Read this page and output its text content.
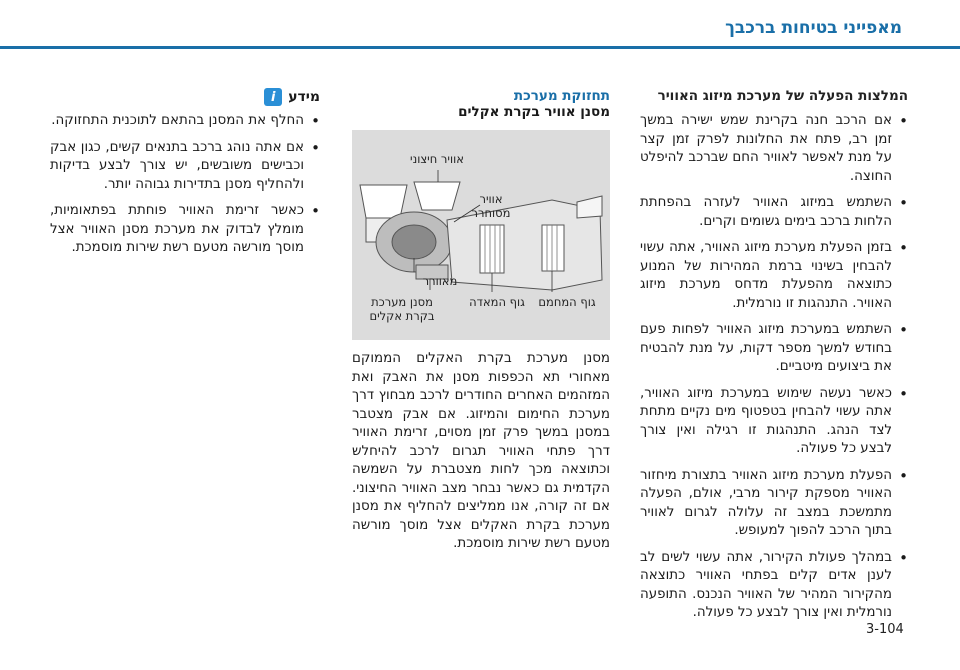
מאפייני בטיחות ברכבך
המלצות הפעלה של מערכת מיזוג האוויר
• אם הרכב חנה בקרינת שמש ישירה במשך זמן רב, פתח את החלונות לפרק זמן קצר על מנת לאפשר לאוויר החם שברכב להיפלט החוצה.
• השתמש במיזוג האוויר לעזרה בהפחתת הלחות ברכב בימים גשומים וקרים.
• בזמן הפעלת מערכת מיזוג האוויר, אתה עשוי להבחין בשינוי ברמת המהירות של המנוע כתוצאה מהפעלת מדחס מערכת מיזוג האוויר. התנהגות זו נורמלית.
• השתמש במערכת מיזוג האוויר לפחות פעם בחודש למשך מספר דקות, על מנת להבטיח את ביצועים מיטביים.
• כאשר נעשה שימוש במערכת מיזוג האוויר, אתה עשוי להבחין בטפטוף מים נקיים מתחת לצד הנהג. התנהגות זו רגילה ואין צורך לבצע כל פעולה.
• הפעלת מערכת מיזוג האוויר בתצורת מיחזור האוויר מספקת קירור מרבי, אולם, הפעלה מתמשכת במצב זה עלולה לגרום לאוויר בתוך הרכב להפוך למעופש.
• במהלך פעולת הקירור, אתה עשוי לשים לב לענן אדים קלים בפתחי האוויר כתוצאה מהקירור המהיר של האוויר הנכנס. התופעה נורמלית ואין צורך לבצע כל פעולה.
תחזוקת מערכת
מסנן אוויר בקרת אקלים
אוויר חיצוני
אוויר מסוחרר
מאוורר
מסנן מערכת בקרת אקלים
גוף המאדה	גוף המחמם
מסנן מערכת בקרת האקלים הממוקם מאחורי תא הכפפות מסנן את האבק ואת המזהמים האחרים החודרים לרכב מבחוץ דרך מערכת החימום והמיזוג. אם אבק מצטבר במסנן במשך פרק זמן מסוים, זרימת האוויר דרך פתחי האוויר תגרום לרכב להיחלש וכתוצאה מכך לחות מצטברת על השמשה הקדמית גם כאשר נבחר מצב האוויר החיצוני. אם זה קורה, אנו ממליצים להחליף את מסנן מערכת בקרת האקלים אצל מוסך מורשה מטעם רשת שירות מוסמכת.
מידע
i
• החלף את המסנן בהתאם לתוכנית התחזוקה.
• אם אתה נוהג ברכב בתנאים קשים, כגון אבק וכבישים משובשים, יש צורך לבצע בדיקות ולהחליף מסנן בתדירות גבוהה יותר.
• כאשר זרימת האוויר פוחתת בפתאומיות, מומלץ לבדוק את מערכת מסנן האוויר אצל מוסך מורשה מטעם רשת שירות מוסמכת.
3-104
